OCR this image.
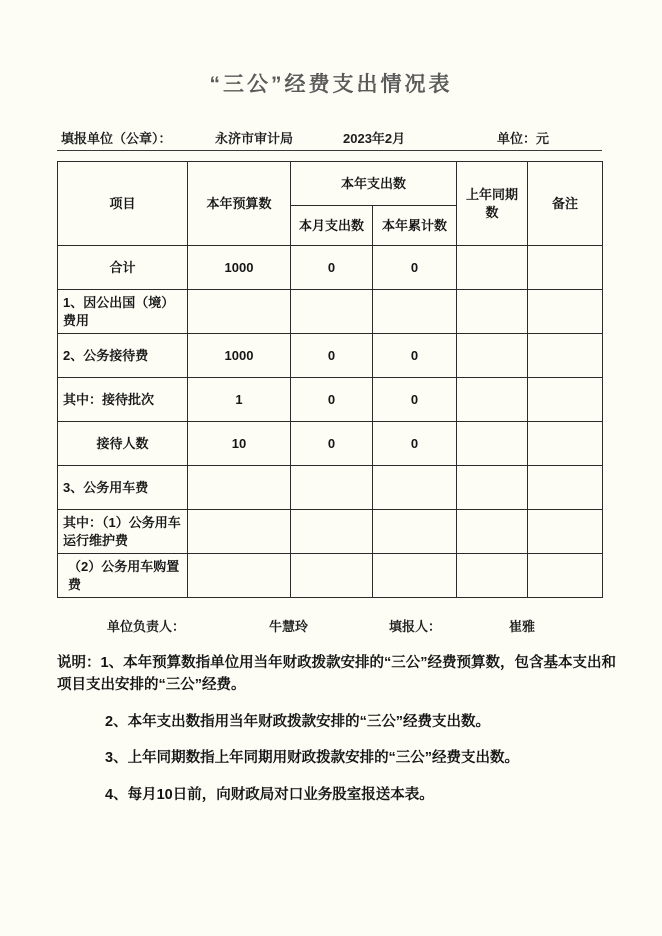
“三公”经费支出情况表
填报单位（公章）：	永济市审计局	2023年2月	单位：元
项目	本年预算数	本年支出数		上年同期数	备注
		本月支出数	本年累计数		
合计	1000	0	0		
1、因公出国（境）费用					
2、公务接待费	1000	0	0		
其中：接待批次	1	0	0		
接待人数	10	0	0		
3、公务用车费					
其中：（1）公务用车运行维护费					
（2）公务用车购置费					
单位负责人：	牛慧玲	填报人：	崔雅

说明：1、本年预算数指单位用当年财政拨款安排的“三公”经费预算数，包含基本支出和项目支出安排的“三公”经费。

2、本年支出数指用当年财政拨款安排的“三公”经费支出数。

3、上年同期数指上年同期用财政拨款安排的“三公”经费支出数。

4、每月10日前，向财政局对口业务股室报送本表。
